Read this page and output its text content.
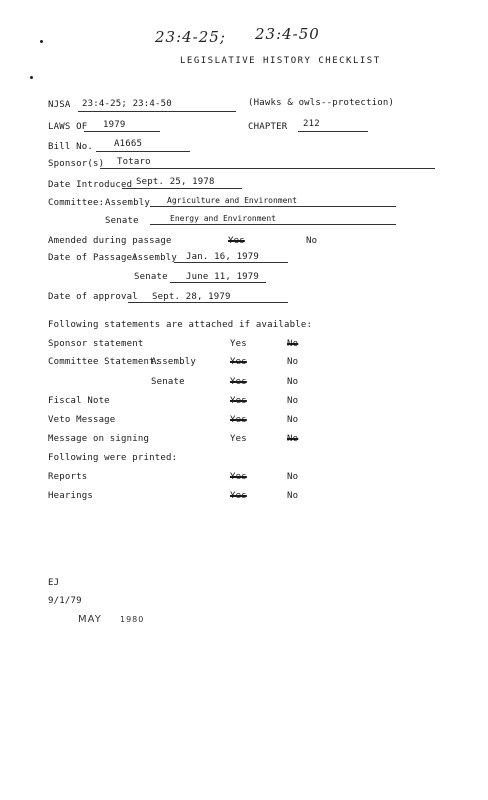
23:4-25; 23:4-50
LEGISLATIVE HISTORY CHECKLIST
NJSA 23:4-25; 23:4-50	(Hawks & owls--protection)
LAWS OF 1979	CHAPTER 212
Bill No. A1665
Sponsor(s) Totaro
Date Introduced Sept. 25, 1978
Committee: Assembly Agriculture and Environment
Senate	Energy and Environment
Amended during passage	Yes	No
Date of Passage:
Assembly Jan. 16, 1979
Senate June 11, 1979
Date of approval Sept. 28, 1979
Following statements are attached if available:
Sponsor statement	Yes	No
Committee Statement:
Assembly	Yes	No
Senate	Yes	No
Fiscal Note	Yes	No
Veto Message	Yes	No
Message on signing	Yes	No
Following were printed:
Reports	Yes	No
Hearings	Yes	No
EJ
9/1/79
MAY 1980
